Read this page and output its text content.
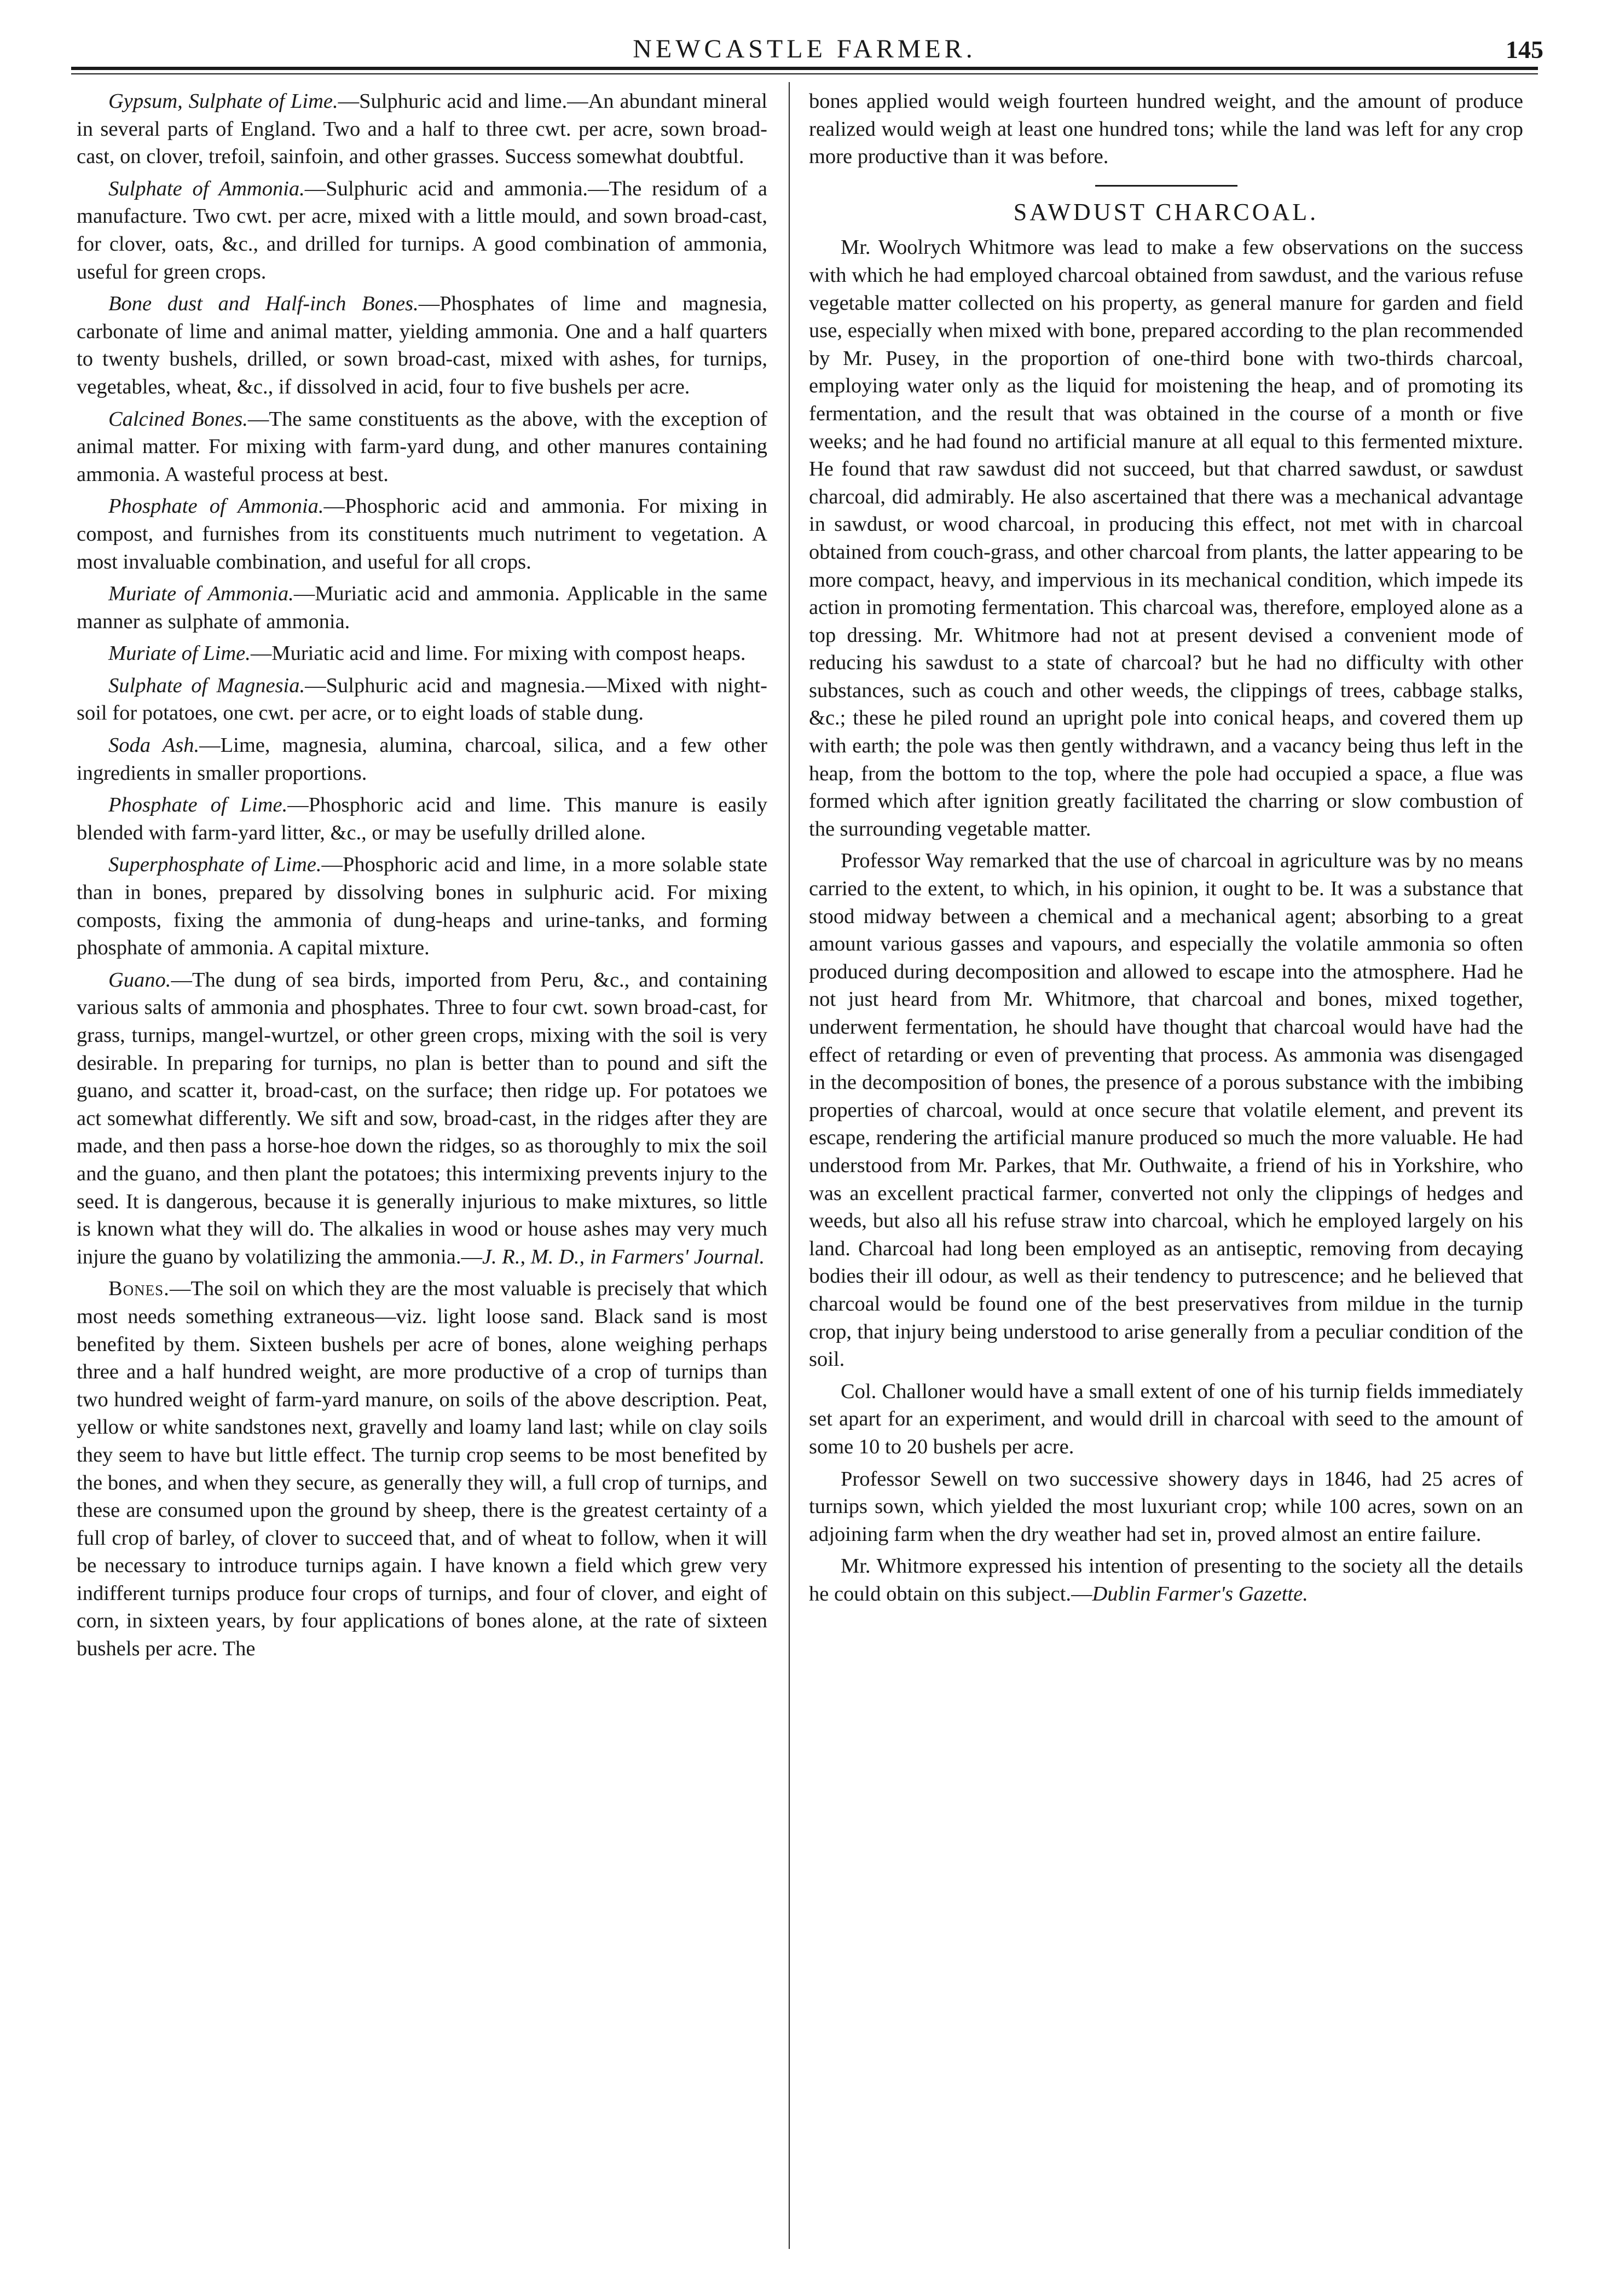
NEWCASTLE FARMER.	145

Gypsum, Sulphate of Lime.—Sulphuric acid and lime.—An abundant mineral in several parts of England. Two and a half to three cwt. per acre, sown broad-cast, on clover, trefoil, sainfoin, and other grasses. Success somewhat doubtful.

Sulphate of Ammonia.—Sulphuric acid and ammonia.—The residum of a manufacture. Two cwt. per acre, mixed with a little mould, and sown broad-cast, for clover, oats, &c., and drilled for turnips. A good combination of ammonia, useful for green crops.

Bone dust and Half-inch Bones.—Phosphates of lime and magnesia, carbonate of lime and animal matter, yielding ammonia. One and a half quarters to twenty bushels, drilled, or sown broad-cast, mixed with ashes, for turnips, vegetables, wheat, &c., if dissolved in acid, four to five bushels per acre.

Calcined Bones.—The same constituents as the above, with the exception of animal matter. For mixing with farm-yard dung, and other manures containing ammonia. A wasteful process at best.

Phosphate of Ammonia.—Phosphoric acid and ammonia. For mixing in compost, and furnishes from its constituents much nutriment to vegetation. A most invaluable combination, and useful for all crops.

Muriate of Ammonia.—Muriatic acid and ammonia. Applicable in the same manner as sulphate of ammonia.

Muriate of Lime.—Muriatic acid and lime. For mixing with compost heaps.

Sulphate of Magnesia.—Sulphuric acid and magnesia.—Mixed with night-soil for potatoes, one cwt. per acre, or to eight loads of stable dung.

Soda Ash.—Lime, magnesia, alumina, charcoal, silica, and a few other ingredients in smaller proportions.

Phosphate of Lime.—Phosphoric acid and lime. This manure is easily blended with farm-yard litter, &c., or may be usefully drilled alone.

Superphosphate of Lime.—Phosphoric acid and lime, in a more solable state than in bones, prepared by dissolving bones in sulphuric acid. For mixing composts, fixing the ammonia of dung-heaps and urine-tanks, and forming phosphate of ammonia. A capital mixture.

Guano.—The dung of sea birds, imported from Peru, &c., and containing various salts of ammonia and phosphates. Three to four cwt. sown broad-cast, for grass, turnips, mangel-wurtzel, or other green crops, mixing with the soil is very desirable. In preparing for turnips, no plan is better than to pound and sift the guano, and scatter it, broad-cast, on the surface; then ridge up. For potatoes we act somewhat differently. We sift and sow, broad-cast, in the ridges after they are made, and then pass a horse-hoe down the ridges, so as thoroughly to mix the soil and the guano, and then plant the potatoes; this intermixing prevents injury to the seed. It is dangerous, because it is generally injurious to make mixtures, so little is known what they will do. The alkalies in wood or house ashes may very much injure the guano by volatilizing the ammonia.—J. R., M. D., in Farmers' Journal.

Bones.—The soil on which they are the most valuable is precisely that which most needs something extraneous—viz. light loose sand. Black sand is most benefited by them. Sixteen bushels per acre of bones, alone weighing perhaps three and a half hundred weight, are more productive of a crop of turnips than two hundred weight of farm-yard manure, on soils of the above description. Peat, yellow or white sandstones next, gravelly and loamy land last; while on clay soils they seem to have but little effect. The turnip crop seems to be most benefited by the bones, and when they secure, as generally they will, a full crop of turnips, and these are consumed upon the ground by sheep, there is the greatest certainty of a full crop of barley, of clover to succeed that, and of wheat to follow, when it will be necessary to introduce turnips again. I have known a field which grew very indifferent turnips produce four crops of turnips, and four of clover, and eight of corn, in sixteen years, by four applications of bones alone, at the rate of sixteen bushels per acre. The

bones applied would weigh fourteen hundred weight, and the amount of produce realized would weigh at least one hundred tons; while the land was left for any crop more productive than it was before.

SAWDUST CHARCOAL.

Mr. Woolrych Whitmore was lead to make a few observations on the success with which he had employed charcoal obtained from sawdust, and the various refuse vegetable matter collected on his property, as general manure for garden and field use, especially when mixed with bone, prepared according to the plan recommended by Mr. Pusey, in the proportion of one-third bone with two-thirds charcoal, employing water only as the liquid for moistening the heap, and of promoting its fermentation, and the result that was obtained in the course of a month or five weeks; and he had found no artificial manure at all equal to this fermented mixture. He found that raw sawdust did not succeed, but that charred sawdust, or sawdust charcoal, did admirably. He also ascertained that there was a mechanical advantage in sawdust, or wood charcoal, in producing this effect, not met with in charcoal obtained from couch-grass, and other charcoal from plants, the latter appearing to be more compact, heavy, and impervious in its mechanical condition, which impede its action in promoting fermentation. This charcoal was, therefore, employed alone as a top dressing. Mr. Whitmore had not at present devised a convenient mode of reducing his sawdust to a state of charcoal? but he had no difficulty with other substances, such as couch and other weeds, the clippings of trees, cabbage stalks, &c.; these he piled round an upright pole into conical heaps, and covered them up with earth; the pole was then gently withdrawn, and a vacancy being thus left in the heap, from the bottom to the top, where the pole had occupied a space, a flue was formed which after ignition greatly facilitated the charring or slow combustion of the surrounding vegetable matter.

Professor Way remarked that the use of charcoal in agriculture was by no means carried to the extent, to which, in his opinion, it ought to be. It was a substance that stood midway between a chemical and a mechanical agent; absorbing to a great amount various gasses and vapours, and especially the volatile ammonia so often produced during decomposition and allowed to escape into the atmosphere. Had he not just heard from Mr. Whitmore, that charcoal and bones, mixed together, underwent fermentation, he should have thought that charcoal would have had the effect of retarding or even of preventing that process. As ammonia was disengaged in the decomposition of bones, the presence of a porous substance with the imbibing properties of charcoal, would at once secure that volatile element, and prevent its escape, rendering the artificial manure produced so much the more valuable. He had understood from Mr. Parkes, that Mr. Outhwaite, a friend of his in Yorkshire, who was an excellent practical farmer, converted not only the clippings of hedges and weeds, but also all his refuse straw into charcoal, which he employed largely on his land. Charcoal had long been employed as an antiseptic, removing from decaying bodies their ill odour, as well as their tendency to putrescence; and he believed that charcoal would be found one of the best preservatives from mildue in the turnip crop, that injury being understood to arise generally from a peculiar condition of the soil.

Col. Challoner would have a small extent of one of his turnip fields immediately set apart for an experiment, and would drill in charcoal with seed to the amount of some 10 to 20 bushels per acre.

Professor Sewell on two successive showery days in 1846, had 25 acres of turnips sown, which yielded the most luxuriant crop; while 100 acres, sown on an adjoining farm when the dry weather had set in, proved almost an entire failure.

Mr. Whitmore expressed his intention of presenting to the society all the details he could obtain on this subject.—Dublin Farmer's Gazette.
